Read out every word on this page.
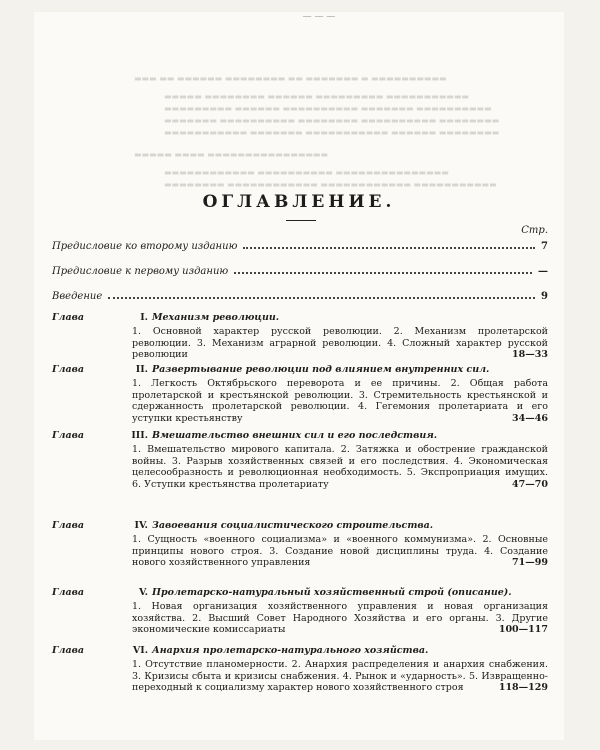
— — —
▬▬▬ ▬▬ ▬▬▬▬▬▬ ▬▬▬▬▬▬▬▬ ▬▬ ▬▬▬▬▬▬▬ ▬ ▬▬▬▬▬▬▬▬▬▬
▬▬▬▬▬ ▬▬▬▬▬▬▬▬ ▬▬▬▬▬▬ ▬▬▬▬▬▬▬▬▬ ▬▬▬▬▬▬▬▬▬▬▬
▬▬▬▬▬▬▬▬▬ ▬▬▬▬▬▬ ▬▬▬▬▬▬▬▬▬▬ ▬▬▬▬▬▬▬ ▬▬▬▬▬▬▬▬▬▬
▬▬▬▬▬▬▬ ▬▬▬▬▬▬▬▬▬▬ ▬▬▬▬▬▬▬▬ ▬▬▬▬▬▬▬▬▬▬ ▬▬▬▬▬▬▬▬
▬▬▬▬▬▬▬▬▬▬▬ ▬▬▬▬▬▬▬ ▬▬▬▬▬▬▬▬▬▬▬ ▬▬▬▬▬▬ ▬▬▬▬▬▬▬▬
▬▬▬▬▬ ▬▬▬▬ ▬▬▬▬▬▬▬▬▬▬▬▬▬▬▬▬
▬▬▬▬▬▬▬▬▬▬▬▬ ▬▬▬▬▬▬▬▬▬▬ ▬▬▬▬▬▬▬▬▬▬▬▬▬▬▬
▬▬▬▬▬▬▬▬ ▬▬▬▬▬▬▬▬▬▬▬▬ ▬▬▬▬▬▬▬▬▬▬▬▬ ▬▬▬▬▬▬▬▬▬▬▬
ОГЛАВЛЕНИЕ.
Стр.
Предисловие ко второму изданию	7
Предисловие к первому изданию	—
Введение	9
Глава	I. Механизм революции.
1. Основной характер русской революции. 2. Механизм пролетарской революции. 3. Механизм аграрной революции. 4. Сложный характер русской революции	18—33
Глава	II. Развертывание революции под влиянием внутренних сил.
1. Легкость Октябрьского переворота и ее причины. 2. Общая работа пролетарской и крестьянской революции. 3. Стремительность крестьянской и сдержанность пролетарской революции. 4. Гегемония пролетариата и его уступки крестьянству	34—46
Глава	III. Вмешательство внешних сил и его последствия.
1. Вмешательство мирового капитала. 2. Затяжка и обострение гражданской войны. 3. Разрыв хозяйственных связей и его последствия. 4. Экономическая целесообразность и революционная необходимость. 5. Экспроприация имущих. 6. Уступки крестьянства пролетариату	47—70
Глава	IV. Завоевания социалистического строительства.
1. Сущность «военного социализма» и «военного коммунизма». 2. Основные принципы нового строя. 3. Создание новой дисциплины труда. 4. Создание нового хозяйственного управления	71—99
Глава	V. Пролетарско-натуральный хозяйственный строй (описание).
1. Новая организация хозяйственного управления и новая организация хозяйства. 2. Высший Совет Народного Хозяйства и его органы. 3. Другие экономические комиссариаты	100—117
Глава	VI. Анархия пролетарско-натурального хозяйства.
1. Отсутствие планомерности. 2. Анархия распределения и анархия снабжения. 3. Кризисы сбыта и кризисы снабжения. 4. Рынок и «ударность». 5. Извращенно-переходный к социализму характер нового хозяйственного строя	118—129
